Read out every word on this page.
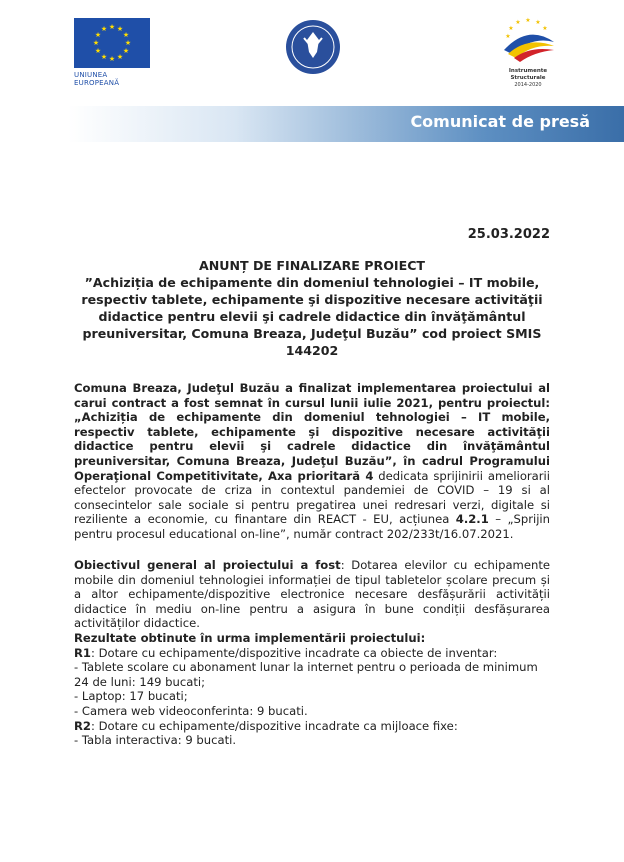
★ ★
★
★
★
★
★
★
★
★
★
★
UNIUNEA EUROPEANĂ
★ ★
★
★
★
★
Instrumente Structurale
2014-2020
Comunicat de presă
25.03.2022
ANUNȚ DE FINALIZARE PROIECT
”Achiziția de echipamente din domeniul tehnologiei – IT mobile, respectiv tablete, echipamente şi dispozitive necesare activităţii didactice pentru elevii şi cadrele didactice din învăţământul preuniversitar, Comuna Breaza, Judeţul Buzău” cod proiect SMIS 144202
Comuna Breaza, Judeţul Buzău a finalizat implementarea proiectului al carui contract a fost semnat în cursul lunii iulie 2021, pentru proiectul: „Achiziția de echipamente din domeniul tehnologiei – IT mobile, respectiv tablete, echipamente şi dispozitive necesare activităţii didactice pentru elevii şi cadrele didactice din învăţământul preuniversitar, Comuna Breaza, Judeţul Buzău”, în cadrul Programului Operaţional Competitivitate, Axa prioritară 4 dedicata sprijinirii ameliorarii efectelor provocate de criza in contextul pandemiei de COVID – 19 si al consecintelor sale sociale si pentru pregatirea unei redresari verzi, digitale si reziliente a economie, cu finantare din REACT - EU, acțiunea 4.2.1 – „Sprijin pentru procesul educational on-line”, număr contract 202/233t/16.07.2021.
Obiectivul general al proiectului a fost: Dotarea elevilor cu echipamente mobile din domeniul tehnologiei informației de tipul tabletelor școlare precum și a altor echipamente/dispozitive electronice necesare desfășurării activității didactice în mediu on-line pentru a asigura în bune condiții desfășurarea activităților didactice.
Rezultate obtinute în urma implementării proiectului:
R1: Dotare cu echipamente/dispozitive incadrate ca obiecte de inventar:
- Tablete scolare cu abonament lunar la internet pentru o perioada de minimum 24 de luni: 149 bucati;
- Laptop: 17 bucati;
- Camera web videoconferinta: 9 bucati.
R2: Dotare cu echipamente/dispozitive incadrate ca mijloace fixe:
- Tabla interactiva: 9 bucati.
